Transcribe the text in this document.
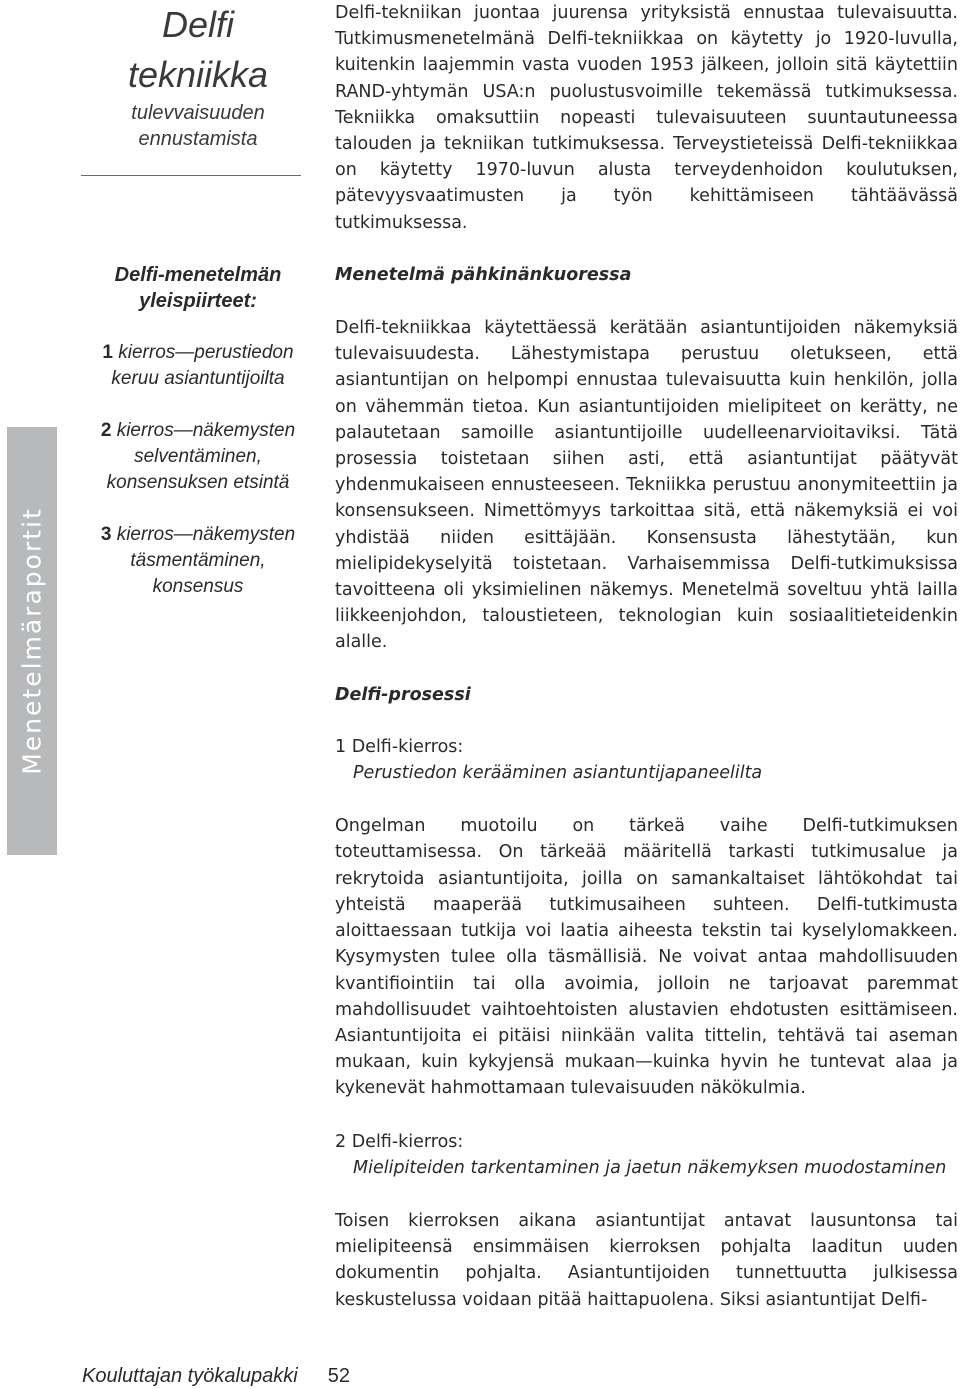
Menetelmäraportit
Delfi
tekniikka
tulevvaisuuden
ennustamista
Delfi-menetelmän
yleispiirteet:
1 kierros—perustiedon
keruu asiantuntijoilta
2 kierros—näkemysten
selventäminen,
konsensuksen etsintä
3 kierros—näkemysten
täsmentäminen,
konsensus

Delfi-tekniikan juontaa juurensa yrityksistä ennustaa tulevaisuutta. Tutkimusmenetelmänä Delfi-tekniikkaa on käytetty jo 1920-luvulla, kuitenkin laajemmin vasta vuoden 1953 jälkeen, jolloin sitä käytettiin RAND-yhtymän USA:n puolustusvoimille tekemässä tutkimuksessa. Tekniikka omaksuttiin nopeasti tulevaisuuteen suuntautuneessa talouden ja tekniikan tutkimuksessa. Terveystieteissä Delfi-tekniikkaa on käytetty 1970-luvun alusta terveydenhoidon koulutuksen, pätevyysvaatimusten ja työn kehittämiseen tähtäävässä tutkimuksessa.

Menetelmä pähkinänkuoressa

Delfi-tekniikkaa käytettäessä kerätään asiantuntijoiden näkemyksiä tulevaisuudesta. Lähestymistapa perustuu oletukseen, että asiantuntijan on helpompi ennustaa tulevaisuutta kuin henkilön, jolla on vähemmän tietoa. Kun asiantuntijoiden mielipiteet on kerätty, ne palautetaan samoille asiantuntijoille uudelleenarvioitaviksi. Tätä prosessia toistetaan siihen asti, että asiantuntijat päätyvät yhdenmukaiseen ennusteeseen. Tekniikka perustuu anonymiteettiin ja konsensukseen. Nimettömyys tarkoittaa sitä, että näkemyksiä ei voi yhdistää niiden esittäjään. Konsensusta lähestytään, kun mielipidekyselyitä toistetaan. Varhaisemmissa Delfi-tutkimuksissa tavoitteena oli yksimielinen näkemys. Menetelmä soveltuu yhtä lailla liikkeenjohdon, taloustieteen, teknologian kuin sosiaalitieteidenkin alalle.

Delfi-prosessi

1 Delfi-kierros:

Perustiedon kerääminen asiantuntijapaneelilta

Ongelman muotoilu on tärkeä vaihe Delfi-tutkimuksen toteuttamisessa. On tärkeää määritellä tarkasti tutkimusalue ja rekrytoida asiantuntijoita, joilla on samankaltaiset lähtökohdat tai yhteistä maaperää tutkimusaiheen suhteen. Delfi-tutkimusta aloittaessaan tutkija voi laatia aiheesta tekstin tai kyselylomakkeen. Kysymysten tulee olla täsmällisiä. Ne voivat antaa mahdollisuuden kvantifiointiin tai olla avoimia, jolloin ne tarjoavat paremmat mahdollisuudet vaihtoehtoisten alustavien ehdotusten esittämiseen. Asiantuntijoita ei pitäisi niinkään valita tittelin, tehtävä tai aseman mukaan, kuin kykyjensä mukaan—kuinka hyvin he tuntevat alaa ja kykenevät hahmottamaan tulevaisuuden näkökulmia.

2 Delfi-kierros:

Mielipiteiden tarkentaminen ja jaetun näkemyksen muodostaminen

Toisen kierroksen aikana asiantuntijat antavat lausuntonsa tai mielipiteensä ensimmäisen kierroksen pohjalta laaditun uuden dokumentin pohjalta. Asiantuntijoiden tunnettuutta julkisessa keskustelussa voidaan pitää haittapuolena. Siksi asiantuntijat Delfi-

Kouluttajan työkalupakki 52
